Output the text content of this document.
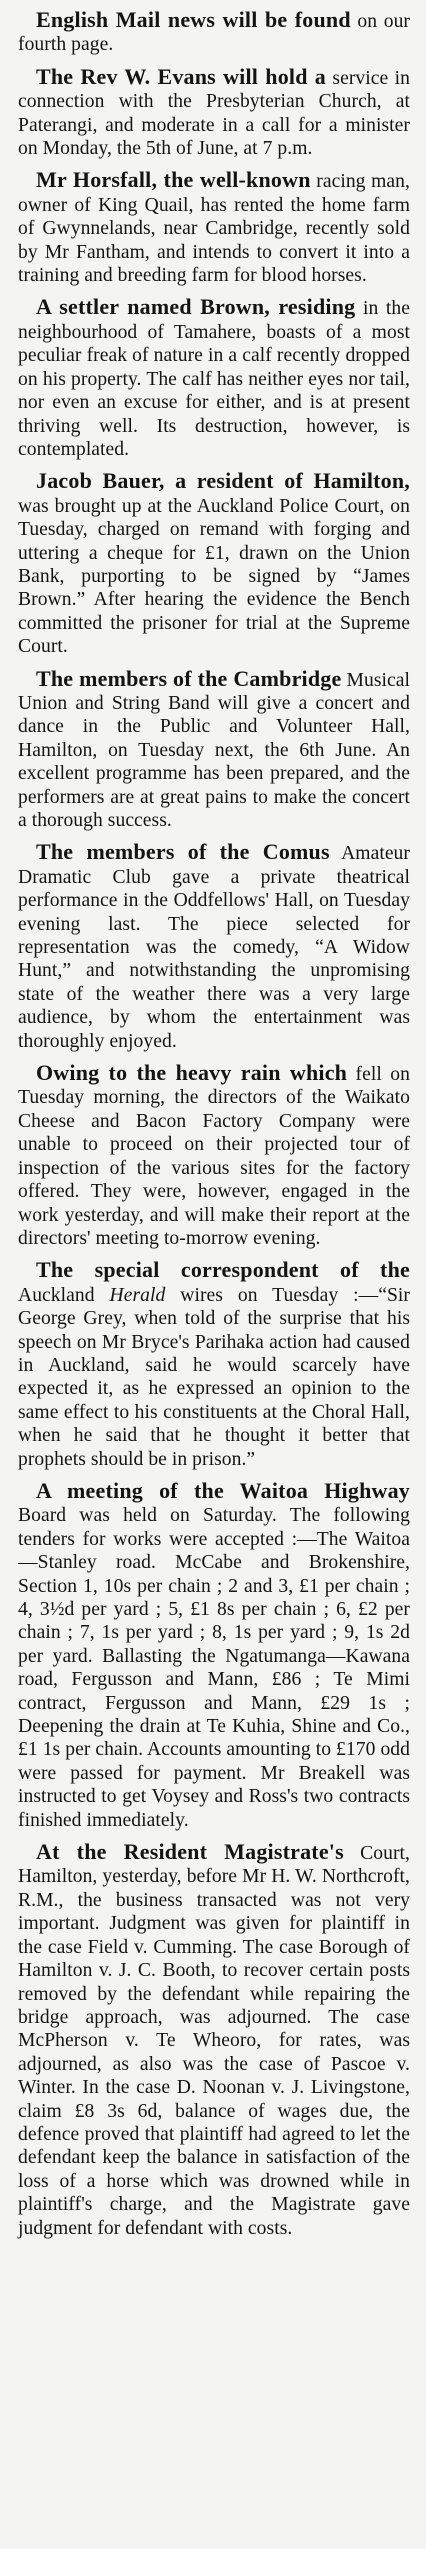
English Mail news will be found on our fourth page.

The Rev W. Evans will hold a service in connection with the Presbyterian Church, at Paterangi, and moderate in a call for a minister on Monday, the 5th of June, at 7 p.m.

Mr Horsfall, the well-known racing man, owner of King Quail, has rented the home farm of Gwynnelands, near Cambridge, recently sold by Mr Fantham, and intends to convert it into a training and breeding farm for blood horses.

A settler named Brown, residing in the neighbourhood of Tamahere, boasts of a most peculiar freak of nature in a calf recently dropped on his property. The calf has neither eyes nor tail, nor even an excuse for either, and is at present thriving well. Its destruction, however, is contemplated.

Jacob Bauer, a resident of Hamilton, was brought up at the Auckland Police Court, on Tuesday, charged on remand with forging and uttering a cheque for £1, drawn on the Union Bank, purporting to be signed by “James Brown.” After hearing the evidence the Bench committed the prisoner for trial at the Supreme Court.

The members of the Cambridge Musical Union and String Band will give a concert and dance in the Public and Volunteer Hall, Hamilton, on Tuesday next, the 6th June. An excellent programme has been prepared, and the performers are at great pains to make the concert a thorough success.

The members of the Comus Amateur Dramatic Club gave a private theatrical performance in the Oddfellows' Hall, on Tuesday evening last. The piece selected for representation was the comedy, “A Widow Hunt,” and notwithstanding the unpromising state of the weather there was a very large audience, by whom the entertainment was thoroughly enjoyed.

Owing to the heavy rain which fell on Tuesday morning, the directors of the Waikato Cheese and Bacon Factory Company were unable to proceed on their projected tour of inspection of the various sites for the factory offered. They were, however, engaged in the work yesterday, and will make their report at the directors' meeting to-morrow evening.

The special correspondent of the Auckland Herald wires on Tuesday :—“Sir George Grey, when told of the surprise that his speech on Mr Bryce's Parihaka action had caused in Auckland, said he would scarcely have expected it, as he expressed an opinion to the same effect to his constituents at the Choral Hall, when he said that he thought it better that prophets should be in prison.”

A meeting of the Waitoa Highway Board was held on Saturday. The following tenders for works were accepted :—The Waitoa—Stanley road. McCabe and Brokenshire, Section 1, 10s per chain ; 2 and 3, £1 per chain ; 4, 3½d per yard ; 5, £1 8s per chain ; 6, £2 per chain ; 7, 1s per yard ; 8, 1s per yard ; 9, 1s 2d per yard. Ballasting the Ngatumanga—Kawana road, Fergusson and Mann, £86 ; Te Mimi contract, Fergusson and Mann, £29 1s ; Deepening the drain at Te Kuhia, Shine and Co., £1 1s per chain. Accounts amounting to £170 odd were passed for payment. Mr Breakell was instructed to get Voysey and Ross's two contracts finished immediately.

At the Resident Magistrate's Court, Hamilton, yesterday, before Mr H. W. Northcroft, R.M., the business transacted was not very important. Judgment was given for plaintiff in the case Field v. Cumming. The case Borough of Hamilton v. J. C. Booth, to recover certain posts removed by the defendant while repairing the bridge approach, was adjourned. The case McPherson v. Te Wheoro, for rates, was adjourned, as also was the case of Pascoe v. Winter. In the case D. Noonan v. J. Livingstone, claim £8 3s 6d, balance of wages due, the defence proved that plaintiff had agreed to let the defendant keep the balance in satisfaction of the loss of a horse which was drowned while in plaintiff's charge, and the Magistrate gave judgment for defendant with costs.
